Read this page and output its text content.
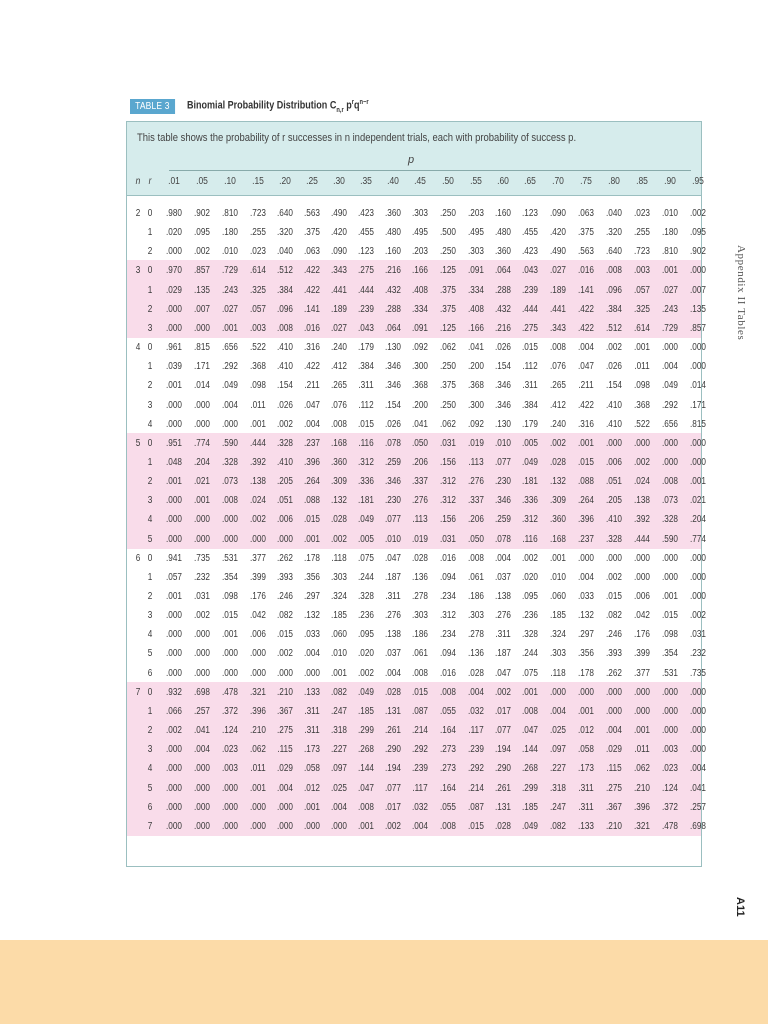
TABLE 3	Binomial Probability Distribution $C_{n,r}$ $p^rq^{n-r}$
This table shows the probability of r successes in n independent trials, each with probability of success p.
p
n r	.01	.05	.10	.15	.20	.25	.30	.35	.40	.45	.50	.55	.60	.65	.70	.75	.80	.85	.90	.95
2 0	.980	.902	.810	.723	.640	.563	.490	.423	.360	.303	.250	.203	.160	.123	.090	.063	.040	.023	.010	.002
1	.020	.095	.180	.255	.320	.375	.420	.455	.480	.495	.500	.495	.480	.455	.420	.375	.320	.255	.180	.095
2	.000	.002	.010	.023	.040	.063	.090	.123	.160	.203	.250	.303	.360	.423	.490	.563	.640	.723	.810	.902
3 0	.970	.857	.729	.614	.512	.422	.343	.275	.216	.166	.125	.091	.064	.043	.027	.016	.008	.003	.001	.000
1	.029	.135	.243	.325	.384	.422	.441	.444	.432	.408	.375	.334	.288	.239	.189	.141	.096	.057	.027	.007
2	.000	.007	.027	.057	.096	.141	.189	.239	.288	.334	.375	.408	.432	.444	.441	.422	.384	.325	.243	.135
3	.000	.000	.001	.003	.008	.016	.027	.043	.064	.091	.125	.166	.216	.275	.343	.422	.512	.614	.729	.857
4 0	.961	.815	.656	.522	.410	.316	.240	.179	.130	.092	.062	.041	.026	.015	.008	.004	.002	.001	.000	.000
1	.039	.171	.292	.368	.410	.422	.412	.384	.346	.300	.250	.200	.154	.112	.076	.047	.026	.011	.004	.000
2	.001	.014	.049	.098	.154	.211	.265	.311	.346	.368	.375	.368	.346	.311	.265	.211	.154	.098	.049	.014
3	.000	.000	.004	.011	.026	.047	.076	.112	.154	.200	.250	.300	.346	.384	.412	.422	.410	.368	.292	.171
4	.000	.000	.000	.001	.002	.004	.008	.015	.026	.041	.062	.092	.130	.179	.240	.316	.410	.522	.656	.815
5 0	.951	.774	.590	.444	.328	.237	.168	.116	.078	.050	.031	.019	.010	.005	.002	.001	.000	.000	.000	.000
1	.048	.204	.328	.392	.410	.396	.360	.312	.259	.206	.156	.113	.077	.049	.028	.015	.006	.002	.000	.000
2	.001	.021	.073	.138	.205	.264	.309	.336	.346	.337	.312	.276	.230	.181	.132	.088	.051	.024	.008	.001
3	.000	.001	.008	.024	.051	.088	.132	.181	.230	.276	.312	.337	.346	.336	.309	.264	.205	.138	.073	.021
4	.000	.000	.000	.002	.006	.015	.028	.049	.077	.113	.156	.206	.259	.312	.360	.396	.410	.392	.328	.204
5	.000	.000	.000	.000	.000	.001	.002	.005	.010	.019	.031	.050	.078	.116	.168	.237	.328	.444	.590	.774
6 0	.941	.735	.531	.377	.262	.178	.118	.075	.047	.028	.016	.008	.004	.002	.001	.000	.000	.000	.000	.000
1	.057	.232	.354	.399	.393	.356	.303	.244	.187	.136	.094	.061	.037	.020	.010	.004	.002	.000	.000	.000
2	.001	.031	.098	.176	.246	.297	.324	.328	.311	.278	.234	.186	.138	.095	.060	.033	.015	.006	.001	.000
3	.000	.002	.015	.042	.082	.132	.185	.236	.276	.303	.312	.303	.276	.236	.185	.132	.082	.042	.015	.002
4	.000	.000	.001	.006	.015	.033	.060	.095	.138	.186	.234	.278	.311	.328	.324	.297	.246	.176	.098	.031
5	.000	.000	.000	.000	.002	.004	.010	.020	.037	.061	.094	.136	.187	.244	.303	.356	.393	.399	.354	.232
6	.000	.000	.000	.000	.000	.000	.001	.002	.004	.008	.016	.028	.047	.075	.118	.178	.262	.377	.531	.735
7 0	.932	.698	.478	.321	.210	.133	.082	.049	.028	.015	.008	.004	.002	.001	.000	.000	.000	.000	.000	.000
1	.066	.257	.372	.396	.367	.311	.247	.185	.131	.087	.055	.032	.017	.008	.004	.001	.000	.000	.000	.000
2	.002	.041	.124	.210	.275	.311	.318	.299	.261	.214	.164	.117	.077	.047	.025	.012	.004	.001	.000	.000
3	.000	.004	.023	.062	.115	.173	.227	.268	.290	.292	.273	.239	.194	.144	.097	.058	.029	.011	.003	.000
4	.000	.000	.003	.011	.029	.058	.097	.144	.194	.239	.273	.292	.290	.268	.227	.173	.115	.062	.023	.004
5	.000	.000	.000	.001	.004	.012	.025	.047	.077	.117	.164	.214	.261	.299	.318	.311	.275	.210	.124	.041
6	.000	.000	.000	.000	.000	.001	.004	.008	.017	.032	.055	.087	.131	.185	.247	.311	.367	.396	.372	.257
7	.000	.000	.000	.000	.000	.000	.000	.001	.002	.004	.008	.015	.028	.049	.082	.133	.210	.321	.478	.698
Appendix II Tables
A11
